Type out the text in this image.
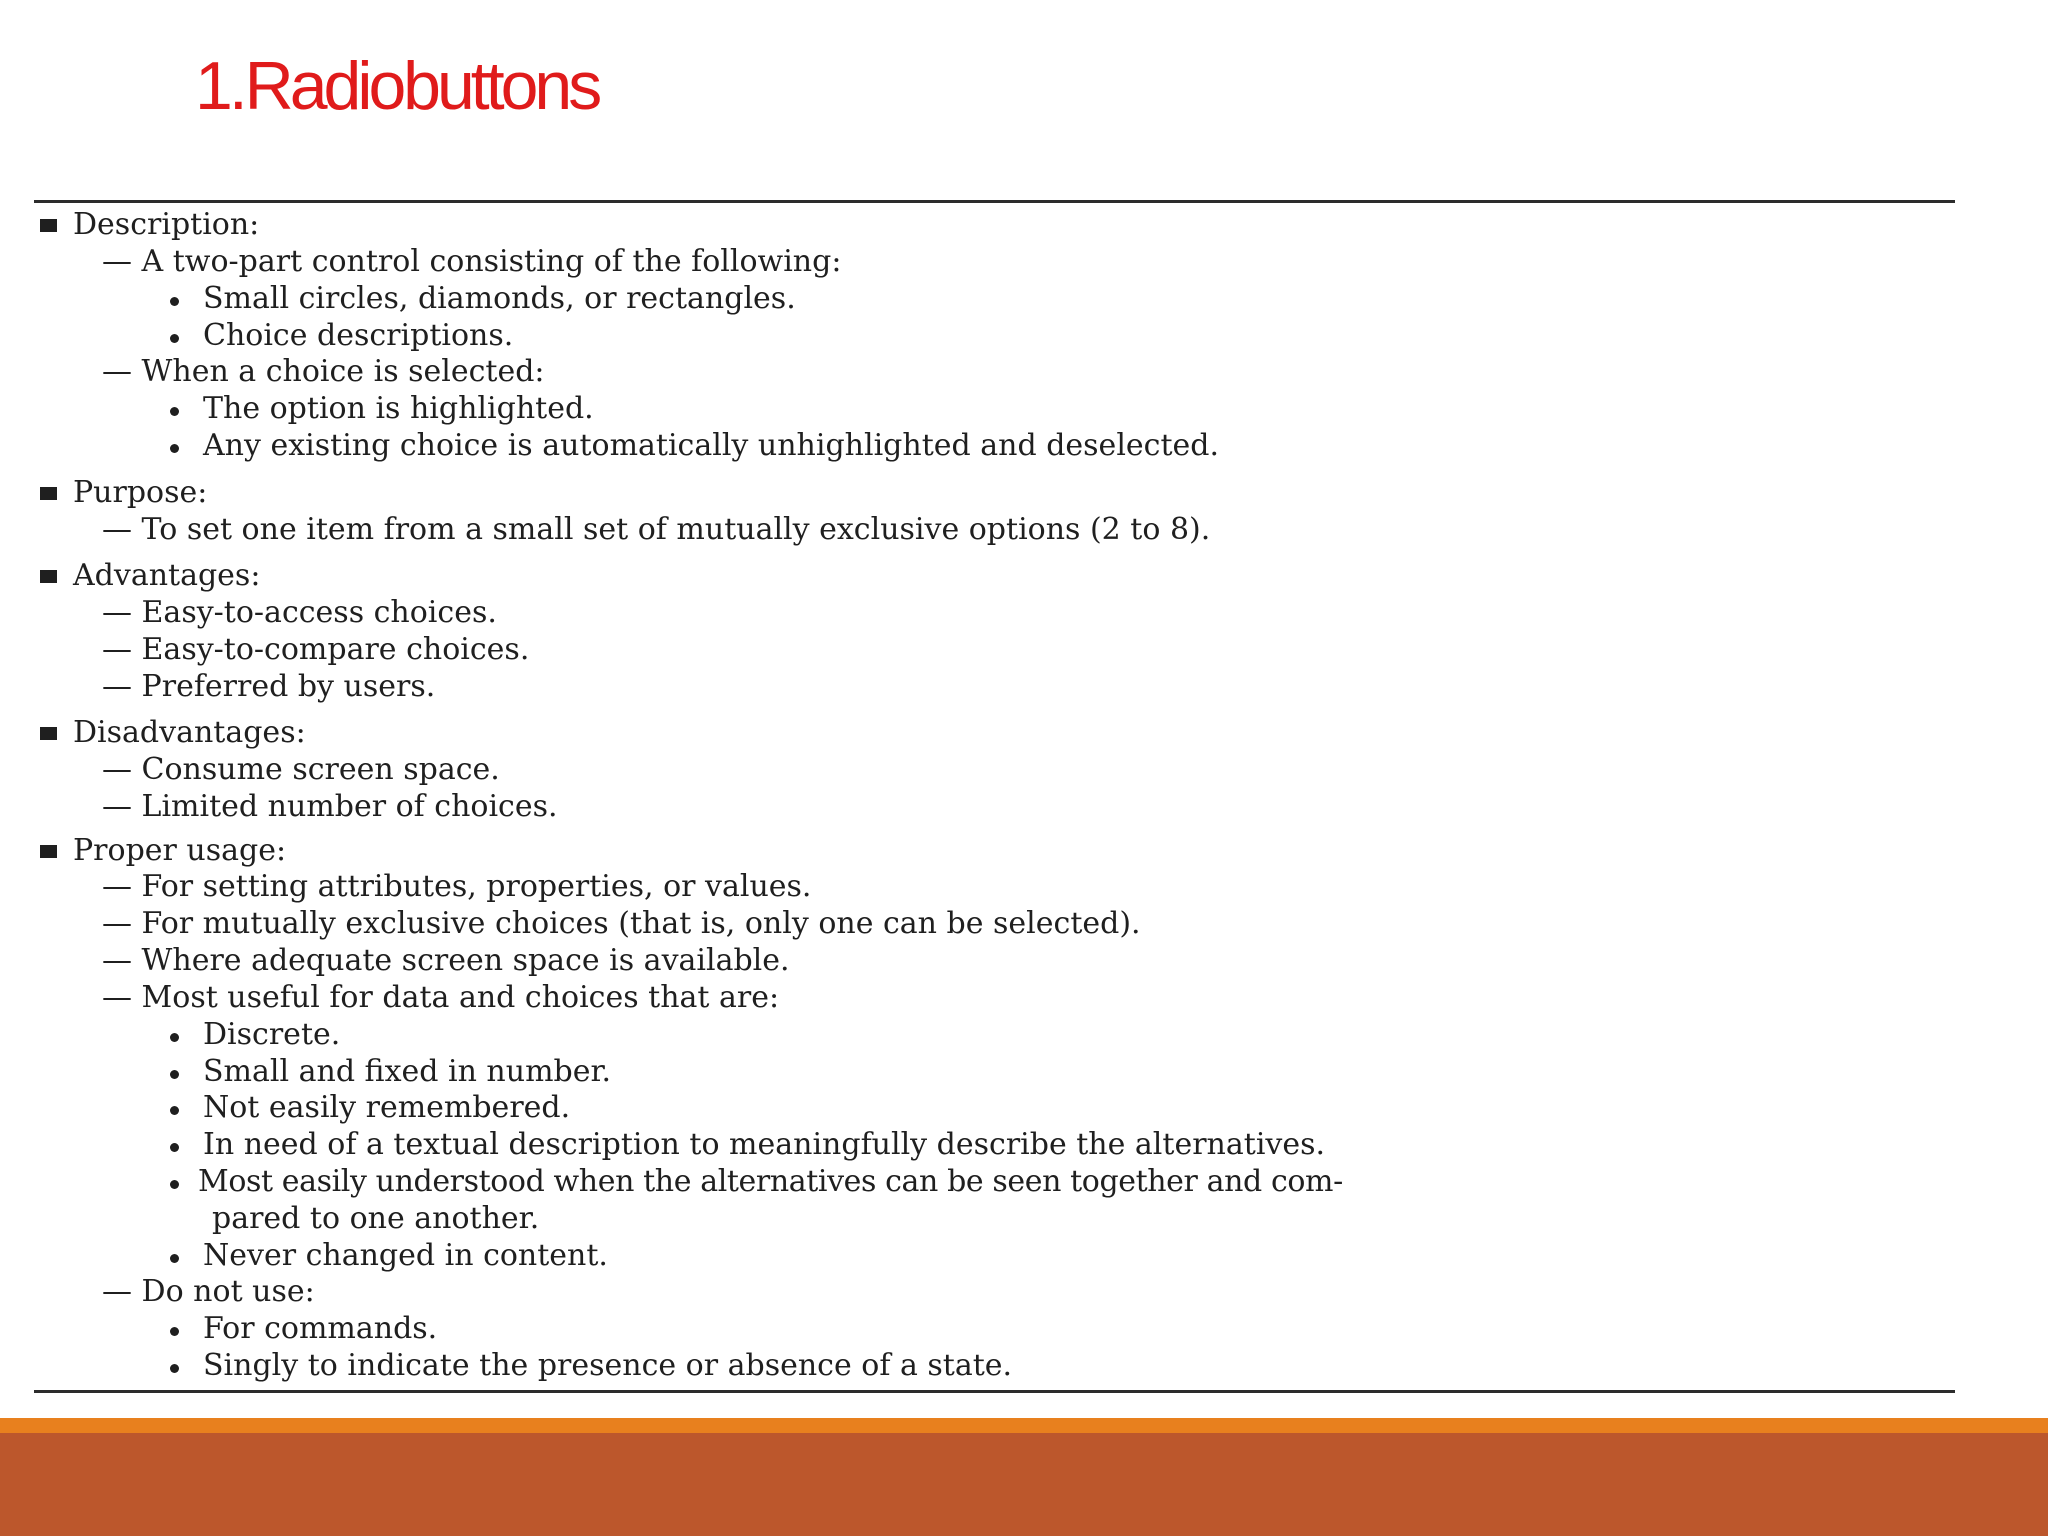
1. Radio buttons
Description:
— A two-part control consisting of the following:
Small circles, diamonds, or rectangles.
Choice descriptions.
— When a choice is selected:
The option is highlighted.
Any existing choice is automatically unhighlighted and deselected.
Purpose:
— To set one item from a small set of mutually exclusive options (2 to 8).
Advantages:
— Easy-to-access choices.
— Easy-to-compare choices.
— Preferred by users.
Disadvantages:
— Consume screen space.
— Limited number of choices.
Proper usage:
— For setting attributes, properties, or values.
— For mutually exclusive choices (that is, only one can be selected).
— Where adequate screen space is available.
— Most useful for data and choices that are:
Discrete.
Small and fixed in number.
Not easily remembered.
In need of a textual description to meaningfully describe the alternatives.
Most easily understood when the alternatives can be seen together and com-
pared to one another.
Never changed in content.
— Do not use:
For commands.
Singly to indicate the presence or absence of a state.
